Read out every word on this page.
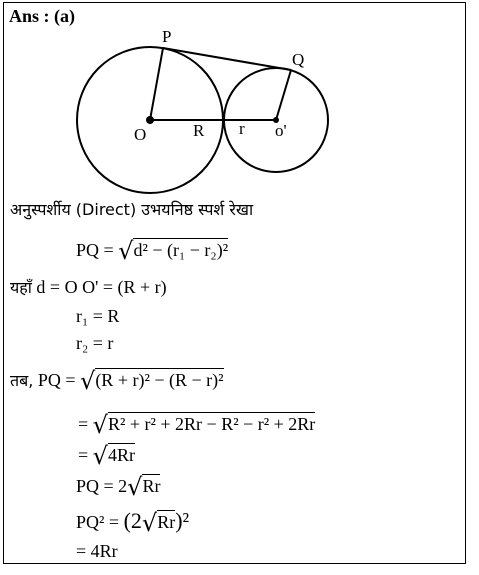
Ans : (a)
P
Q
O	R r o'
अनुस्पर्शीय (Direct) उभयनिष्ठ स्पर्श रेखा
PQ = √d² − (r₁ − r₂)²
यहाँ d = O O' = (R + r)
r₁ = R
r₂ = r
तब, PQ = √(R + r)² − (R − r)²
= √R² + r² + 2Rr − R² − r² + 2Rr
= √4Rr
PQ = 2√Rr
PQ² = (2√Rr)²
= 4Rr
